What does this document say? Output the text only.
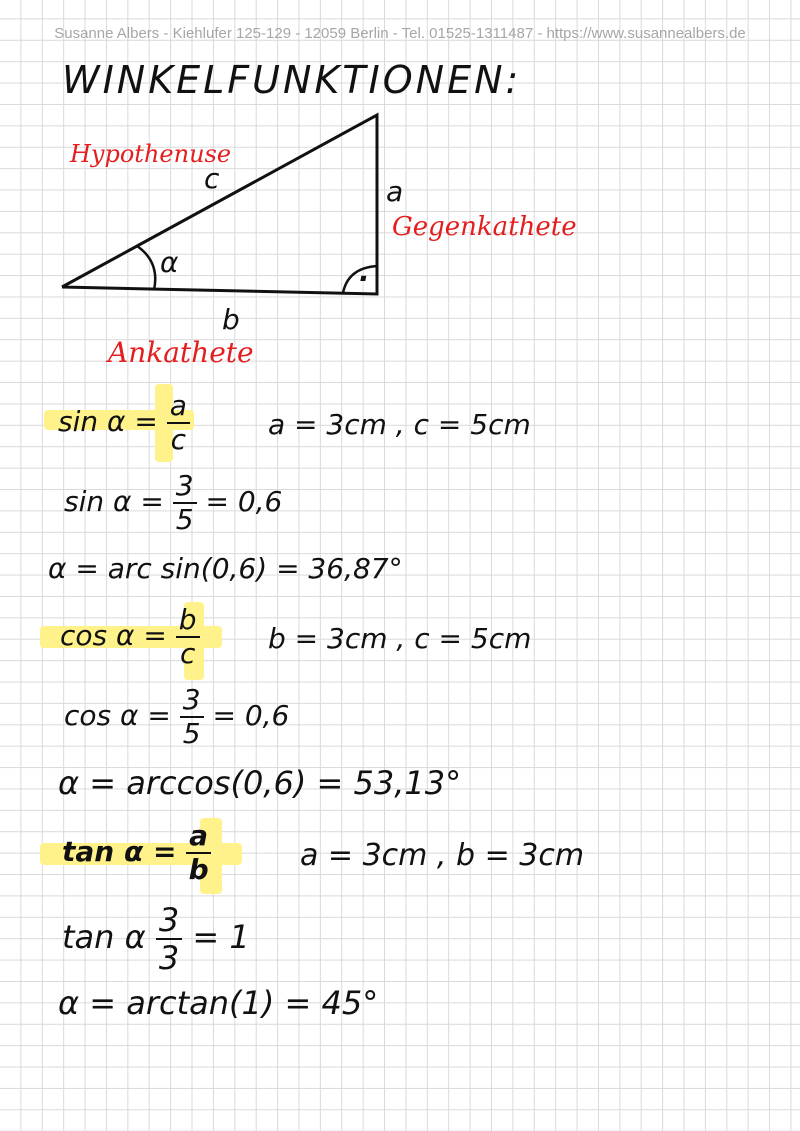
Susanne Albers - Kiehlufer 125-129 - 12059 Berlin - Tel. 01525-1311487 - https://www.susannealbers.de
WINKELFUNKTIONEN:
Hypothenuse
c	a
Gegenkathete
α	·
b
Ankathete
$\sin \alpha = \frac{a}{c}$	a = 3cm , c = 5cm
$\sin \alpha = \frac{3}{5} = 0,6$
α = arc sin(0,6) = 36,87°
$\cos \alpha = \frac{b}{c}$ b = 3cm , c = 5cm
$\cos \alpha = \frac{3}{5} = 0,6$
α = arccos(0,6) = 53,13°
$\tan \alpha = \frac{a}{b}$	a = 3cm , b = 3cm
tan α $\frac{3}{3} = 1$
α = arctan(1) = 45°
